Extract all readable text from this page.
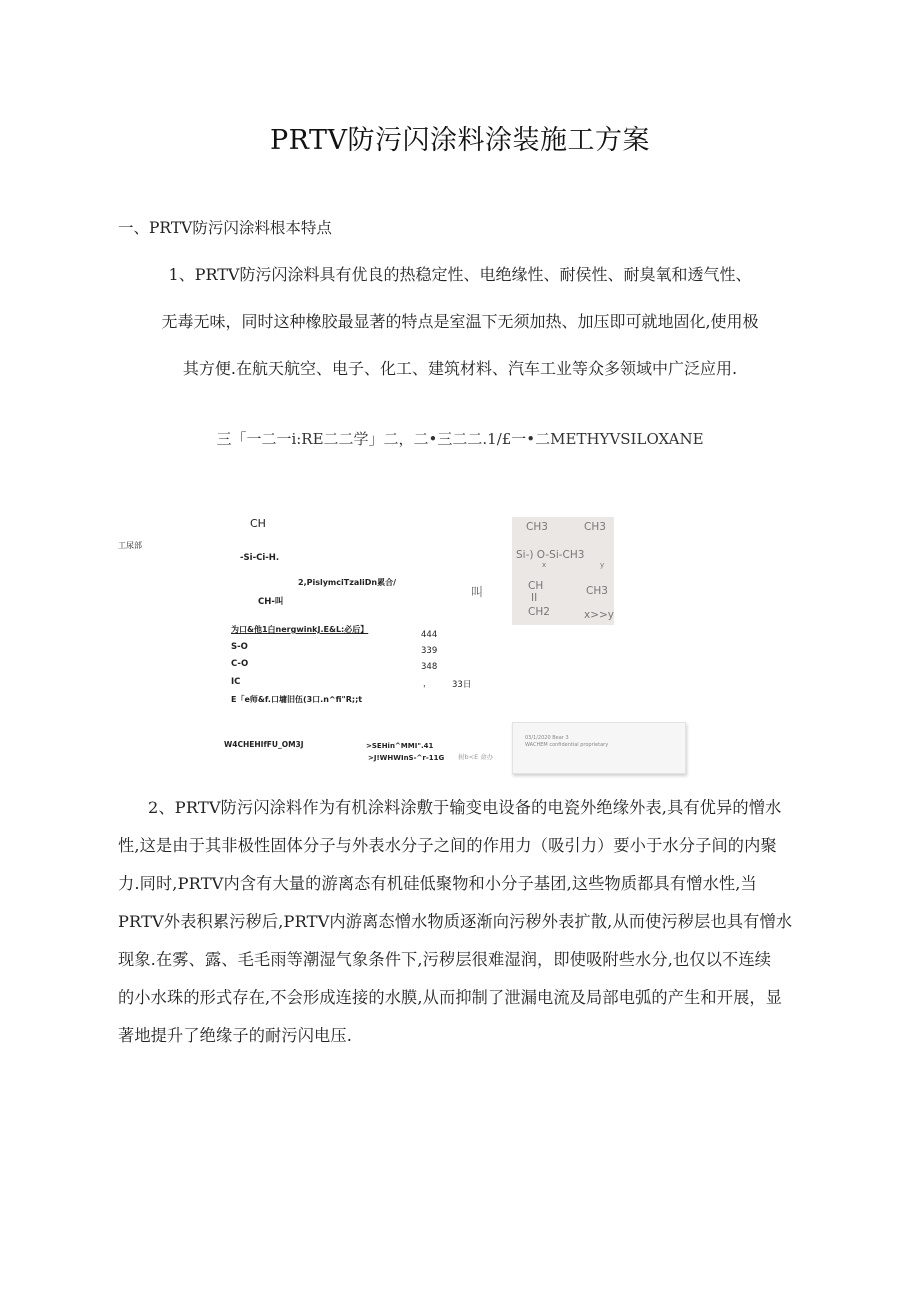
PRTV防污闪涂料涂装施工方案
一、PRTV防污闪涂料根本特点
1、PRTV防污闪涂料具有优良的热稳定性、电绝缘性、耐侯性、耐臭氧和透气性、
无毒无味，同时这种橡胶最显著的特点是室温下无须加热、加压即可就地固化,使用极
其方便.在航天航空、电子、化工、建筑材料、汽车工业等众多领域中广泛应用.
三「一二一i:RE二二学」二，二•三二二.1/£一•二METHYVSILOXANE
工尿部
CH
-Si-Ci-H.
2,PislymciTzaliDn累合/
CH-叫
叫
为口&他1白nergwinkJ.E&L:必后】
S-O
444
C-O
339
IC
348
， 33日
E「e师&f.口墉旧伍(3口.n^fi"R;;t
W4CHEHIfFU_OM3J	>SEHin^MMI".41
>J!WHWInS-^r-11G 树b<E 命办
CH3	CH3
Si-) O-Si-CH3
x	y
CH	CH3
II
CH2	x>>y
03/1/2020 Bear 3
WACHEM confidential proprietary
2、PRTV防污闪涂料作为有机涂料涂敷于输变电设备的电瓷外绝缘外表,具有优异的憎水
性,这是由于其非极性固体分子与外表水分子之间的作用力（吸引力）要小于水分子间的内聚
力.同时,PRTV内含有大量的游离态有机硅低聚物和小分子基团,这些物质都具有憎水性,当
PRTV外表积累污秽后,PRTV内游离态憎水物质逐渐向污秽外表扩散,从而使污秽层也具有憎水
现象.在雾、露、毛毛雨等潮湿气象条件下,污秽层很难湿润，即使吸附些水分,也仅以不连续
的小水珠的形式存在,不会形成连接的水膜,从而抑制了泄漏电流及局部电弧的产生和开展，显
著地提升了绝缘子的耐污闪电压.
